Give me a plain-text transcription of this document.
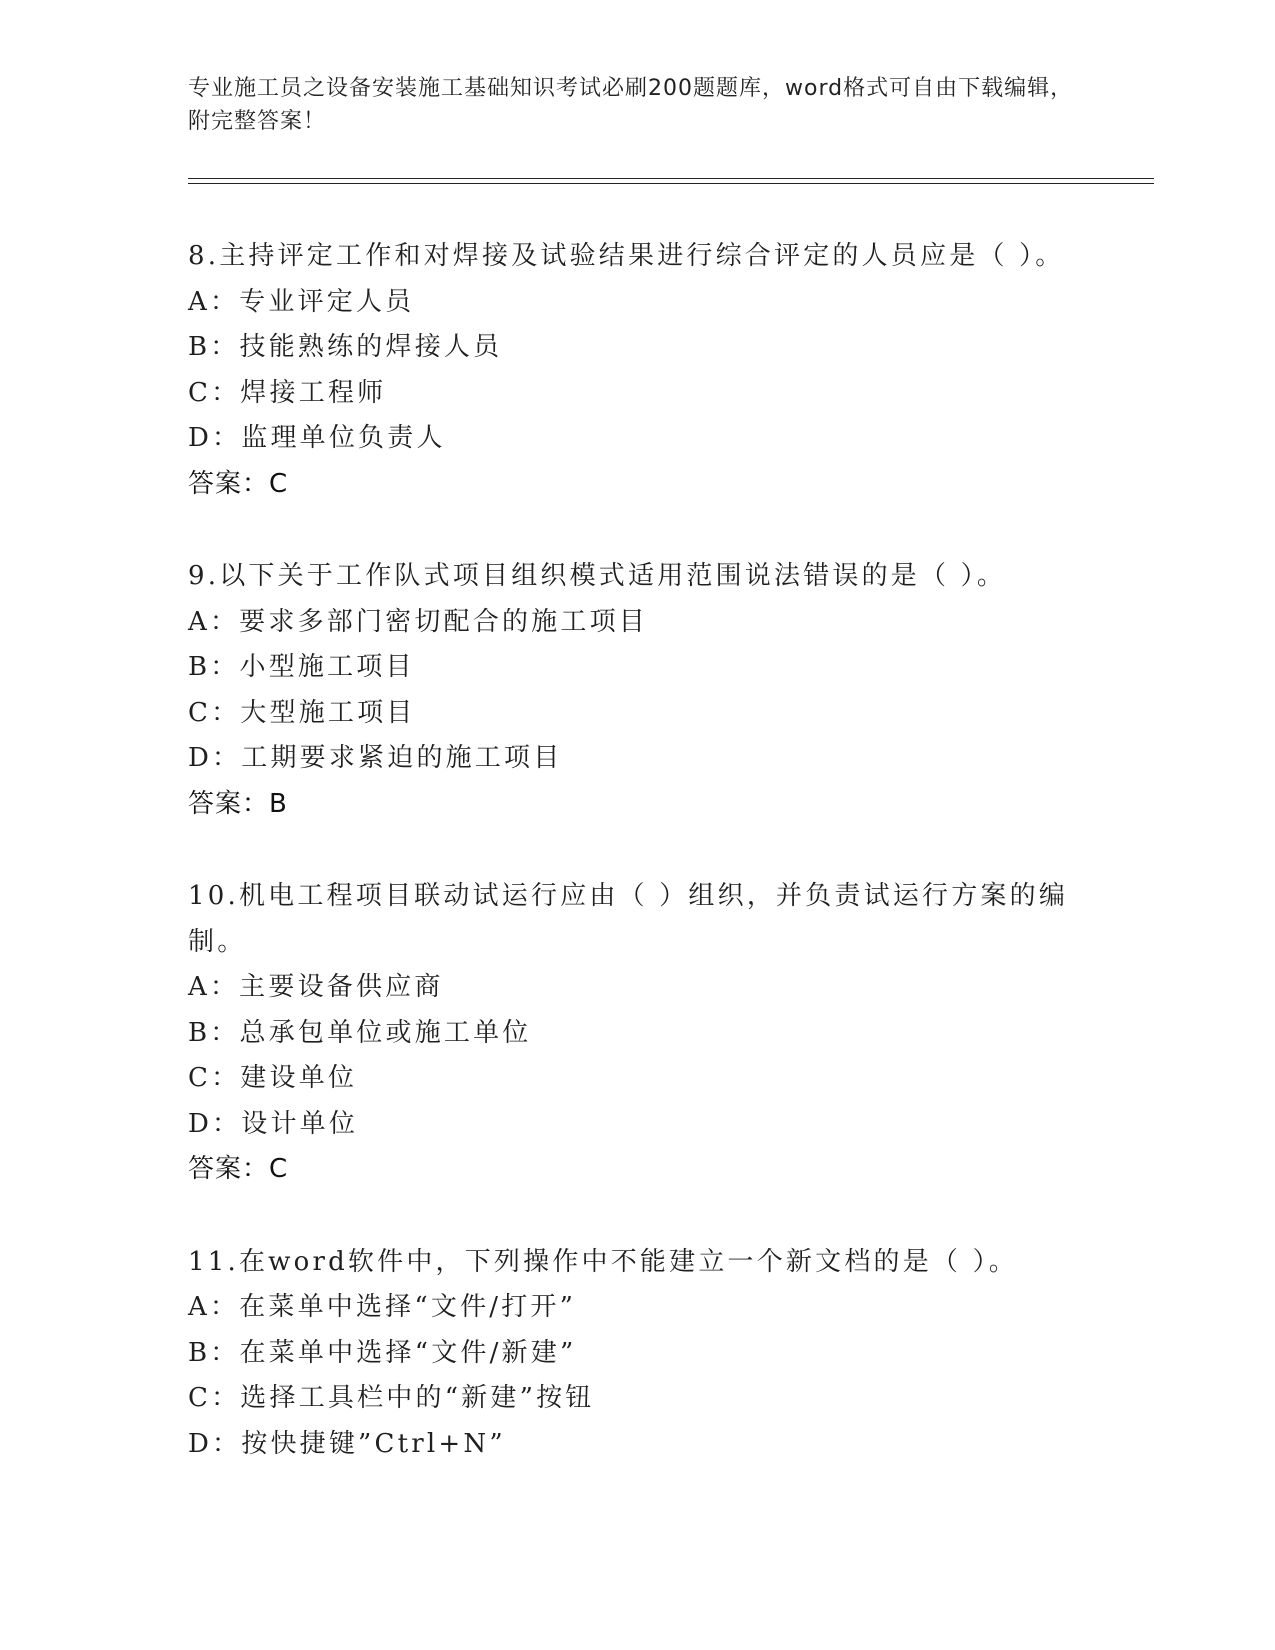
专业施工员之设备安装施工基础知识考试必刷200题题库，word格式可自由下载编辑，附完整答案！

8.主持评定工作和对焊接及试验结果进行综合评定的人员应是（ ）。

A：专业评定人员

B：技能熟练的焊接人员

C：焊接工程师

D：监理单位负责人

答案：C

9.以下关于工作队式项目组织模式适用范围说法错误的是（ ）。

A：要求多部门密切配合的施工项目

B：小型施工项目

C：大型施工项目

D：工期要求紧迫的施工项目

答案：B

10.机电工程项目联动试运行应由（ ）组织，并负责试运行方案的编制。

A：主要设备供应商

B：总承包单位或施工单位

C：建设单位

D：设计单位

答案：C

11.在word软件中，下列操作中不能建立一个新文档的是（ ）。

A：在菜单中选择“文件/打开”

B：在菜单中选择“文件/新建”

C：选择工具栏中的“新建”按钮

D：按快捷键”Ctrl+N”
